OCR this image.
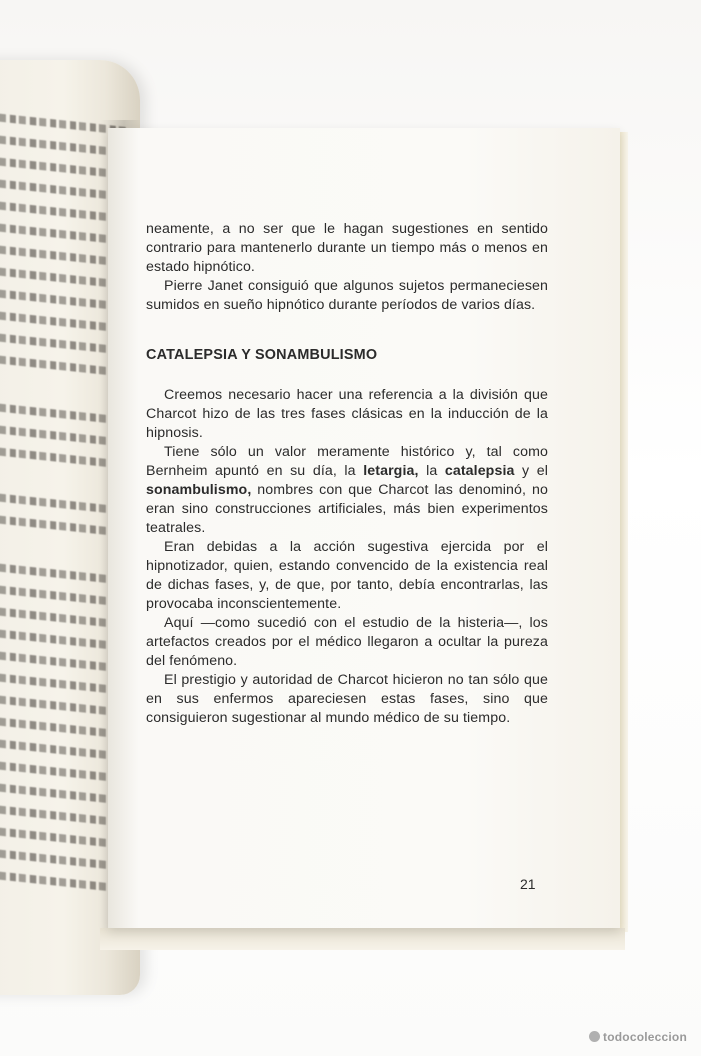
neamente, a no ser que le hagan sugestiones en sentido contrario para mantenerlo durante un tiempo más o menos en estado hipnótico.

Pierre Janet consiguió que algunos sujetos permaneciesen sumidos en sueño hipnótico durante períodos de varios días.

CATALEPSIA Y SONAMBULISMO

Creemos necesario hacer una referencia a la división que Charcot hizo de las tres fases clásicas en la inducción de la hipnosis.

Tiene sólo un valor meramente histórico y, tal como Bernheim apuntó en su día, la letargia, la catalepsia y el sonambulismo, nombres con que Charcot las denominó, no eran sino construcciones artificiales, más bien experimentos teatrales.

Eran debidas a la acción sugestiva ejercida por el hipnotizador, quien, estando convencido de la existencia real de dichas fases, y, de que, por tanto, debía encontrarlas, las provocaba inconscientemente.

Aquí —como sucedió con el estudio de la histeria—, los artefactos creados por el médico llegaron a ocultar la pureza del fenómeno.

El prestigio y autoridad de Charcot hicieron no tan sólo que en sus enfermos apareciesen estas fases, sino que consiguieron sugestionar al mundo médico de su tiempo.

21
todocoleccion
